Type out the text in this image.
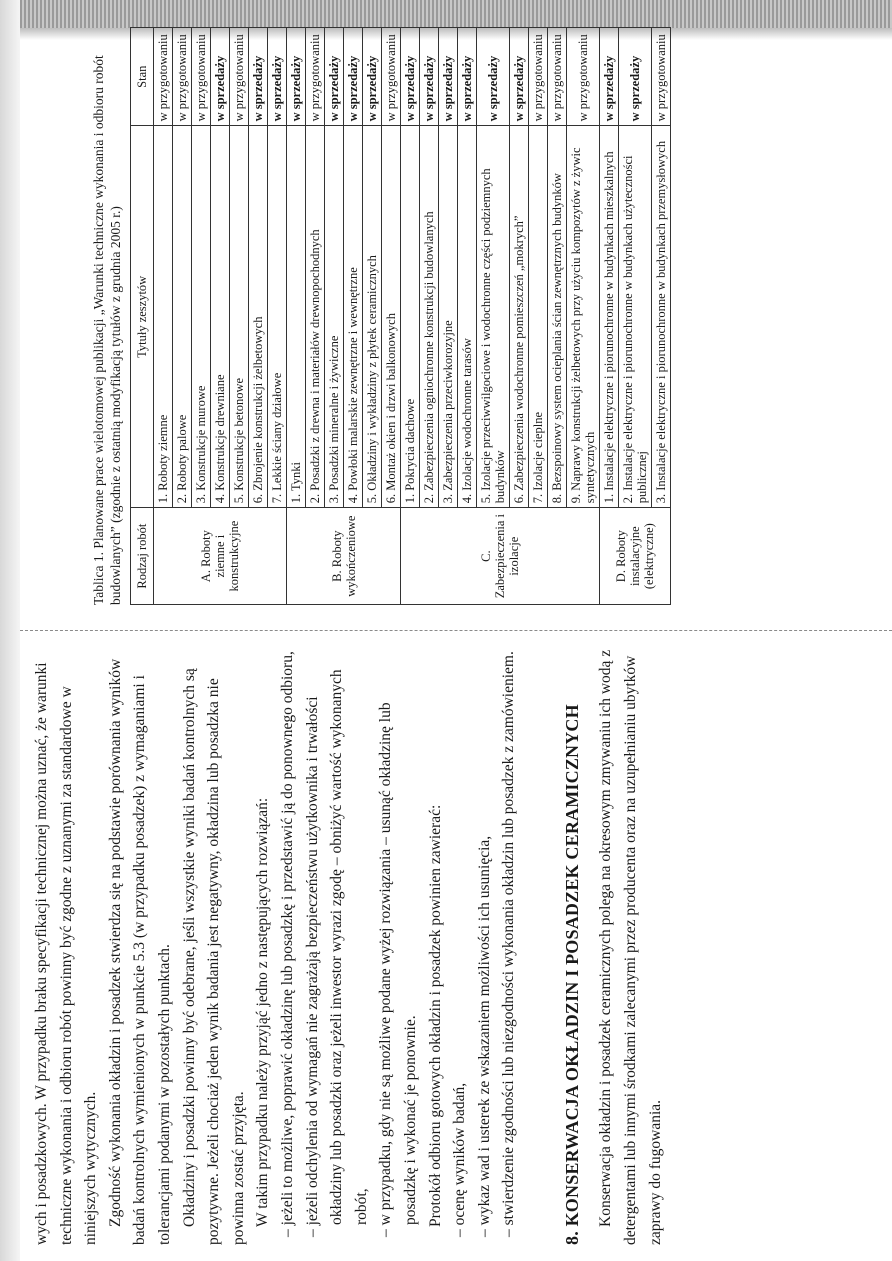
wych i posadzkowych. W przypadku braku specyfikacji technicznej można uznać, że warunki techniczne wykonania i odbioru robót powinny być zgodne z uznanymi za standardowe w niniejszych wytycznych. Zgodność wykonania okładzin i posadzek stwierdza się na podstawie porównania wyników badań kontrolnych wymienionych w punkcie 5.3 (w przypadku posadzek) z wymaganiami i tolerancjami podanymi w pozostałych punktach. Okładziny i posadzki powinny być odebrane, jeśli wszystkie wyniki badań kontrolnych są pozytywne. Jeżeli chociaż jeden wynik badania jest negatywny, okładzina lub posadzka nie powinna zostać przyjęta. W takim przypadku należy przyjąć jedno z następujących rozwiązań: – jeżeli to możliwe, poprawić okładzinę lub posadzkę i przedstawić ją do ponownego odbioru, – jeżeli odchylenia od wymagań nie zagrażają bezpieczeństwu użytkownika i trwałości okładziny lub posadzki oraz jeżeli inwestor wyrazi zgodę – obniżyć wartość wykonanych robót, – w przypadku, gdy nie są możliwe podane wyżej rozwiązania – usunąć okładzinę lub posadzkę i wykonać je ponownie. Protokół odbioru gotowych okładzin i posadzek powinien zawierać: – ocenę wyników badań, – wykaz wad i usterek ze wskazaniem możliwości ich usunięcia, – stwierdzenie zgodności lub niezgodności wykonania okładzin lub posadzek z zamówieniem. 8. KONSERWACJA OKŁADZIN I POSADZEK CERAMICZNYCH Konserwacja okładzin i posadzek ceramicznych polega na okresowym zmywaniu ich wodą z detergentami lub innymi środkami zalecanymi przez producenta oraz na uzupełnianiu ubytków zaprawy do fugowania.

Tablica 1. Planowane prace wielotomowej publikacji „Warunki techniczne wykonania i odbioru robót budowlanych” (zgodnie z ostatnią modyfikacją tytułów z grudnia 2005 r.) Rodzaj robót	Tytuły zeszytów	Stan
A. Roboty ziemne i konstrukcyjne	1. Roboty ziemne	w przygotowaniu
	2. Roboty palowe	w przygotowaniu
	3. Konstrukcje murowe	w przygotowaniu
	4. Konstrukcje drewniane	w sprzedaży
	5. Konstrukcje betonowe	w przygotowaniu
	6. Zbrojenie konstrukcji żelbetowych	w sprzedaży
	7. Lekkie ściany działowe	w sprzedaży
B. Roboty wykończeniowe	1. Tynki	w sprzedaży
	2. Posadzki z drewna i materiałów drewnopochodnych	w przygotowaniu
	3. Posadzki mineralne i żywiczne	w sprzedaży
	4. Powłoki malarskie zewnętrzne i wewnętrzne	w sprzedaży
	5. Okładziny i wykładziny z płytek ceramicznych	w sprzedaży
	6. Montaż okien i drzwi balkonowych	w przygotowaniu
C. Zabezpieczenia i izolacje	1. Pokrycia dachowe	w sprzedaży
	2. Zabezpieczenia ogniochronne konstrukcji budowlanych	w sprzedaży
	3. Zabezpieczenia przeciwkorozyjne	w sprzedaży
	4. Izolacje wodochronne tarasów	w sprzedaży
	5. Izolacje przeciwwilgociowe i wodochronne części podziemnych budynków	w sprzedaży
	6. Zabezpieczenia wodochronne pomieszczeń „mokrych”	w sprzedaży
	7. Izolacje cieplne	w przygotowaniu
	8. Bezspoinowy system ocieplania ścian zewnętrznych budynków	w przygotowaniu
	9. Naprawy konstrukcji żelbetowych przy użyciu kompozytów z żywic syntetycznych	w przygotowaniu
D. Roboty instalacyjne (elektryczne)	1. Instalacje elektryczne i piorunochronne w budynkach mieszkalnych	w sprzedaży
	2. Instalacje elektryczne i piorunochronne w budynkach użyteczności publicznej	w sprzedaży
	3. Instalacje elektryczne i piorunochronne w budynkach przemysłowych	w przygotowaniu
